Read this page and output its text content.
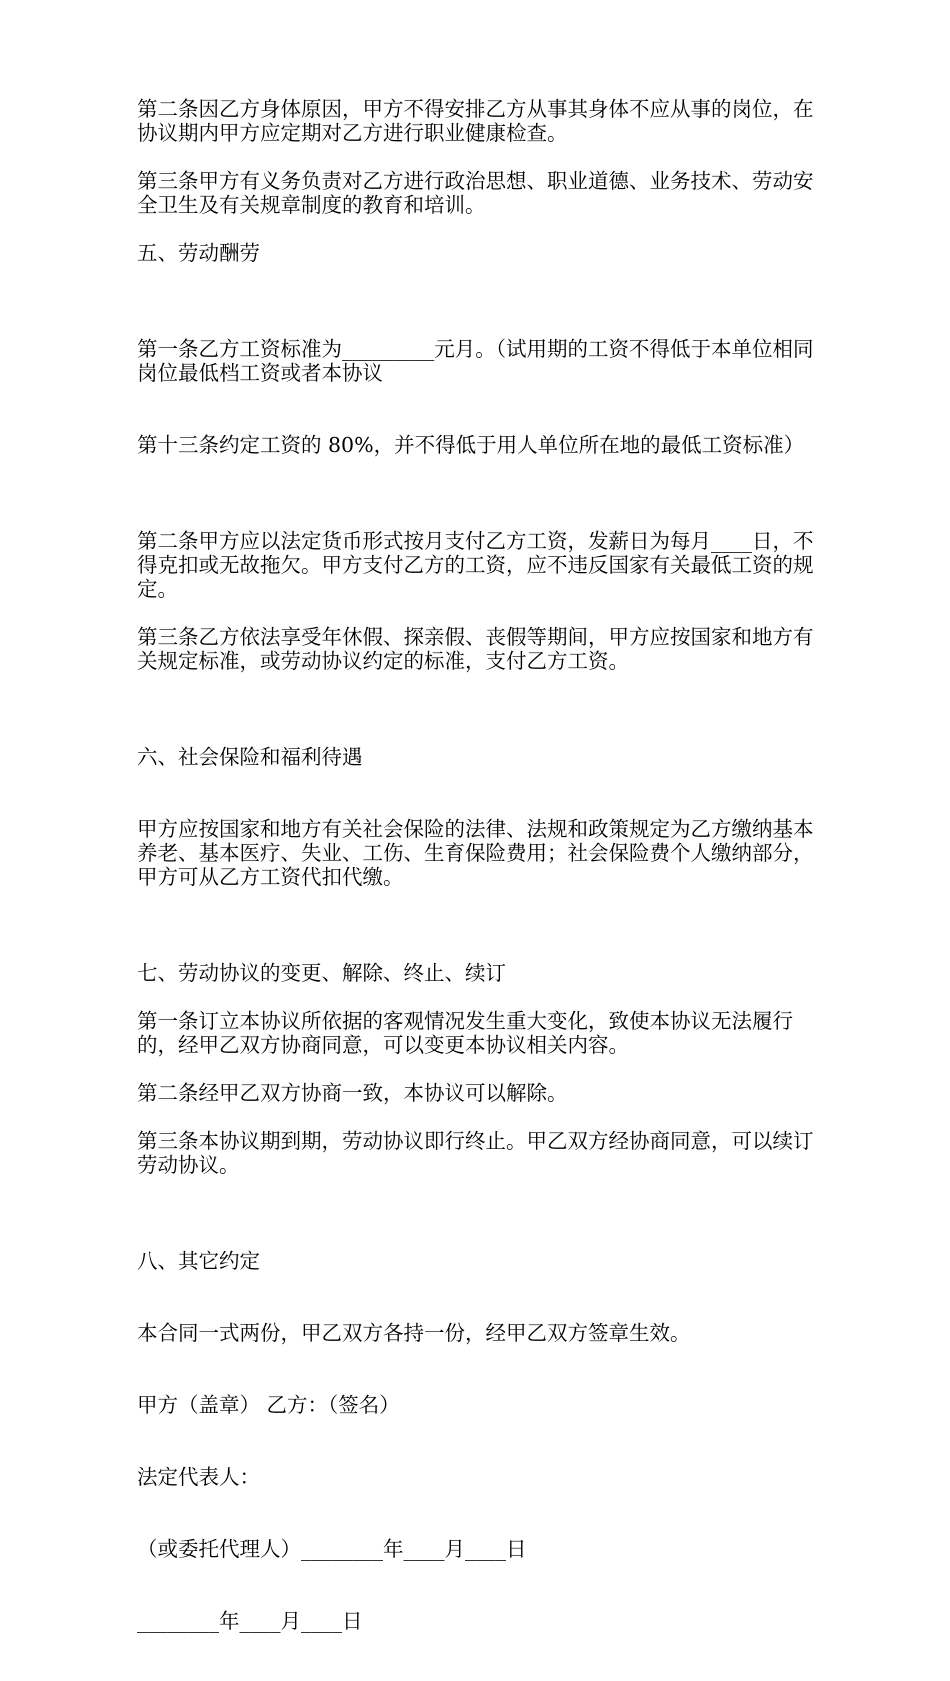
第二条因乙方身体原因，甲方不得安排乙方从事其身体不应从事的岗位，在协议期内甲方应定期对乙方进行职业健康检查。
第三条甲方有义务负责对乙方进行政治思想、职业道德、业务技术、劳动安全卫生及有关规章制度的教育和培训。
五、劳动酬劳

第一条乙方工资标准为_________元月。（试用期的工资不得低于本单位相同岗位最低档工资或者本协议

第十三条约定工资的 80%，并不得低于用人单位所在地的最低工资标准）

第二条甲方应以法定货币形式按月支付乙方工资，发薪日为每月____日，不得克扣或无故拖欠。甲方支付乙方的工资，应不违反国家有关最低工资的规定。
第三条乙方依法享受年休假、探亲假、丧假等期间，甲方应按国家和地方有关规定标准，或劳动协议约定的标准，支付乙方工资。

六、社会保险和福利待遇

甲方应按国家和地方有关社会保险的法律、法规和政策规定为乙方缴纳基本养老、基本医疗、失业、工伤、生育保险费用；社会保险费个人缴纳部分，甲方可从乙方工资代扣代缴。

七、劳动协议的变更、解除、终止、续订
第一条订立本协议所依据的客观情况发生重大变化，致使本协议无法履行的，经甲乙双方协商同意，可以变更本协议相关内容。
第二条经甲乙双方协商一致，本协议可以解除。
第三条本协议期到期，劳动协议即行终止。甲乙双方经协商同意，可以续订劳动协议。

八、其它约定

本合同一式两份，甲乙双方各持一份，经甲乙双方签章生效。

甲方（盖章） 乙方：（签名）

法定代表人：

（或委托代理人）________年____月____日

________年____月____日
